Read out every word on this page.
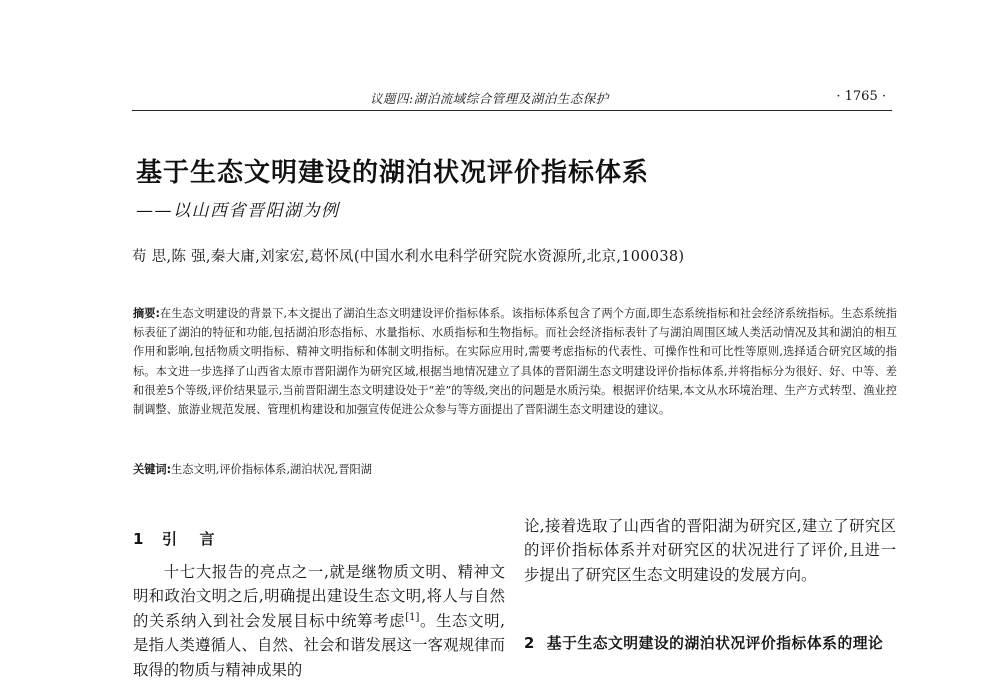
议题四:湖泊流域综合管理及湖泊生态保护	· 1765 ·
基于生态文明建设的湖泊状况评价指标体系
——以山西省晋阳湖为例
苟 思,陈 强,秦大庸,刘家宏,葛怀凤(中国水利水电科学研究院水资源所,北京,100038)

摘要:在生态文明建设的背景下,本文提出了湖泊生态文明建设评价指标体系。该指标体系包含了两个方面,即生态系统指标和社会经济系统指标。生态系统指标表征了湖泊的特征和功能,包括湖泊形态指标、水量指标、水质指标和生物指标。而社会经济指标表针了与湖泊周围区域人类活动情况及其和湖泊的相互作用和影响,包括物质文明指标、精神文明指标和体制文明指标。在实际应用时,需要考虑指标的代表性、可操作性和可比性等原则,选择适合研究区域的指标。本文进一步选择了山西省太原市晋阳湖作为研究区域,根据当地情况建立了具体的晋阳湖生态文明建设评价指标体系,并将指标分为很好、好、中等、差和很差5个等级,评价结果显示,当前晋阳湖生态文明建设处于“差”的等级,突出的问题是水质污染。根据评价结果,本文从水环境治理、生产方式转型、渔业控制调整、旅游业规范发展、管理机构建设和加强宣传促进公众参与等方面提出了晋阳湖生态文明建设的建议。

关键词:生态文明,评价指标体系,湖泊状况,晋阳湖

1 引 言

十七大报告的亮点之一,就是继物质文明、精神文明和政治文明之后,明确提出建设生态文明,将人与自然的关系纳入到社会发展目标中统筹考虑[1]。生态文明,是指人类遵循人、自然、社会和谐发展这一客观规律而取得的物质与精神成果的

论,接着选取了山西省的晋阳湖为研究区,建立了研究区的评价指标体系并对研究区的状况进行了评价,且进一步提出了研究区生态文明建设的发展方向。

2 基于生态文明建设的湖泊状况评价指标体系的理论
